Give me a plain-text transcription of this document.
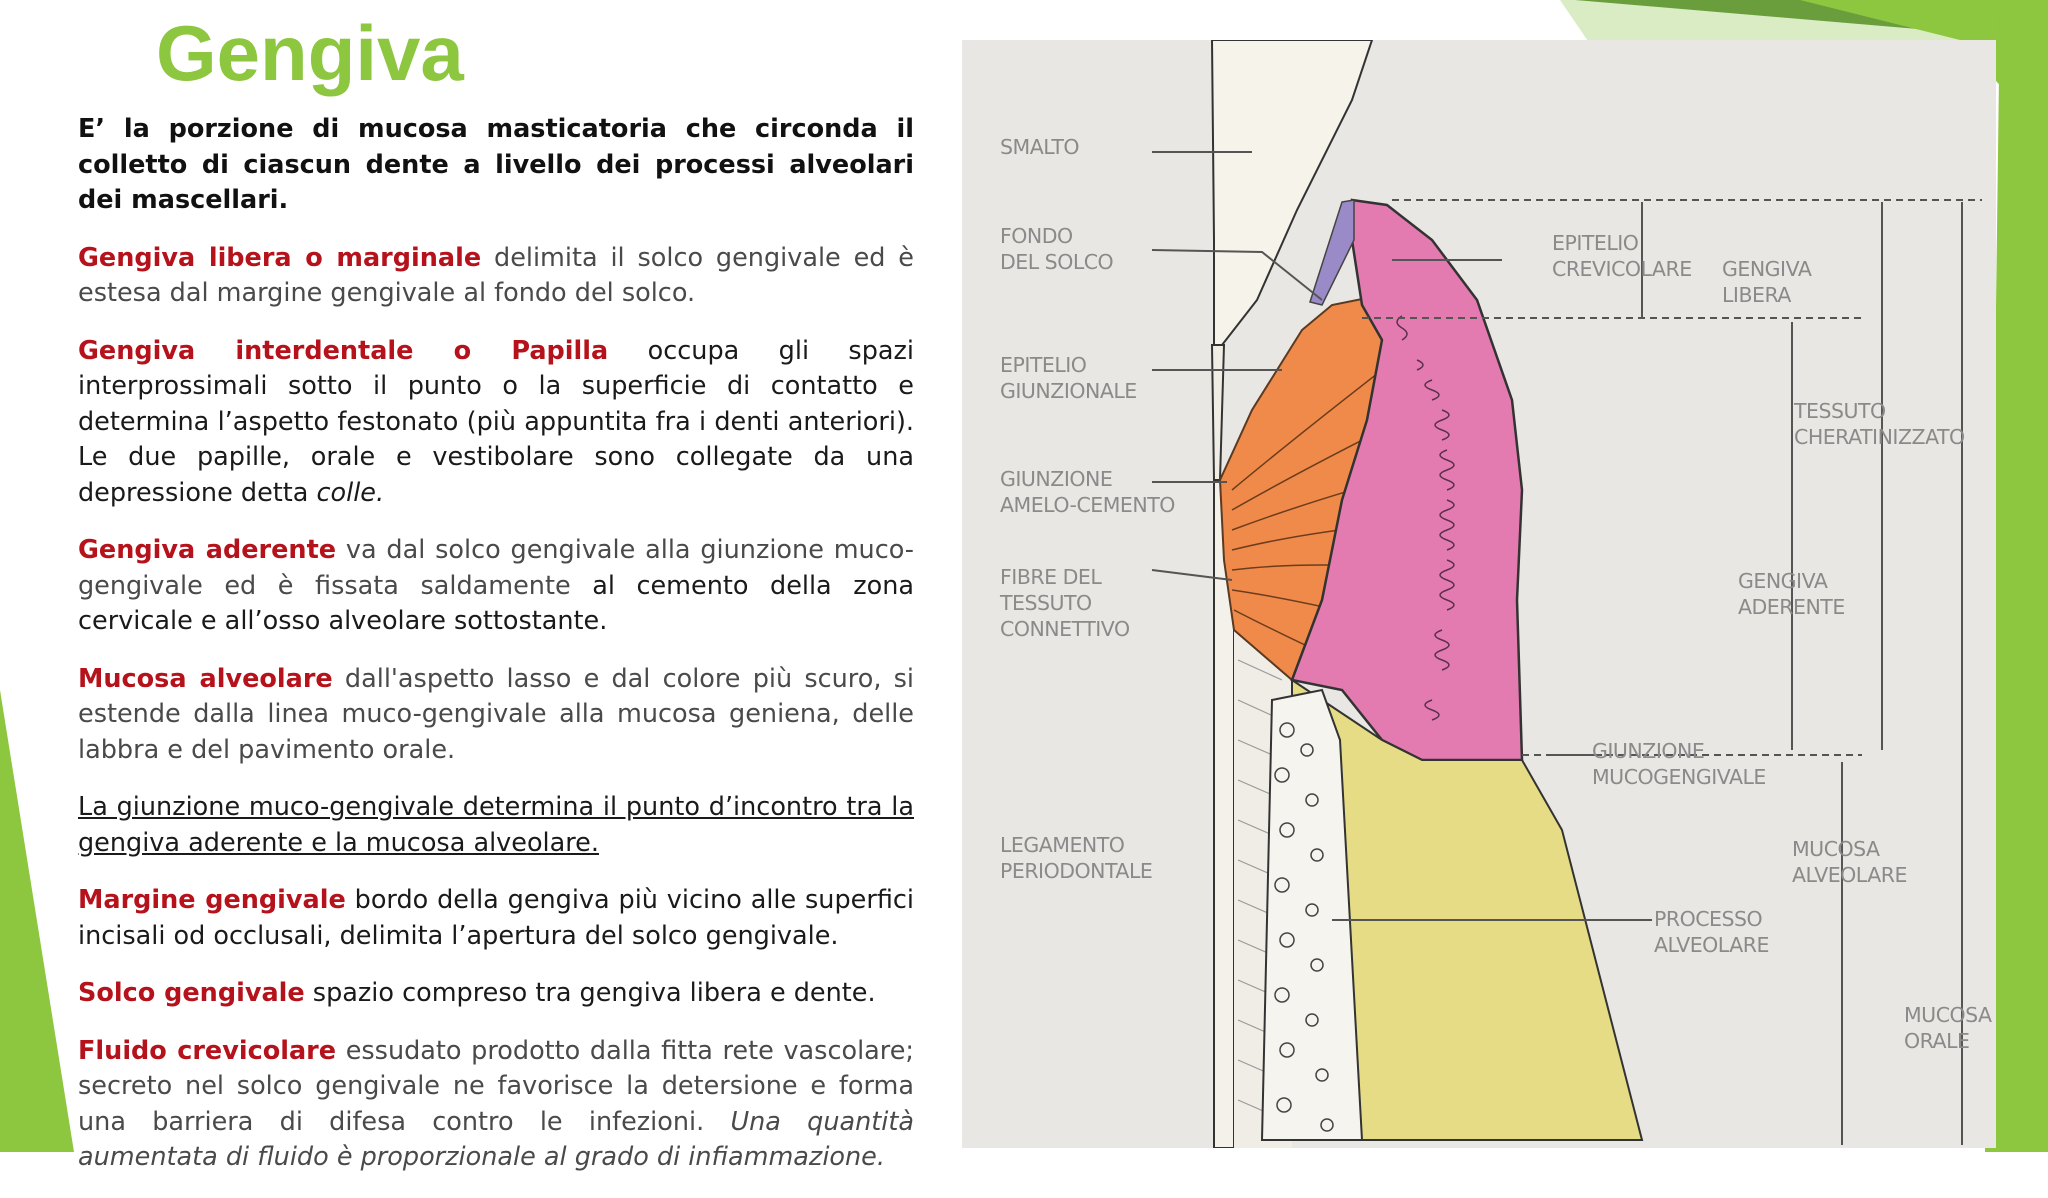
Gengiva

E’ la porzione di mucosa masticatoria che circonda il colletto di ciascun dente a livello dei processi alveolari dei mascellari.

Gengiva libera o marginale delimita il solco gengivale ed è estesa dal margine gengivale al fondo del solco.

Gengiva interdentale o Papilla occupa gli spazi interprossimali sotto il punto o la superficie di contatto e determina l’aspetto festonato (più appuntita fra i denti anteriori). Le due papille, orale e vestibolare sono collegate da una depressione detta colle.

Gengiva aderente va dal solco gengivale alla giunzione muco-gengivale ed è fissata saldamente al cemento della zona cervicale e all’osso alveolare sottostante.

Mucosa alveolare dall'aspetto lasso e dal colore più scuro, si estende dalla linea muco-gengivale alla mucosa geniena, delle labbra e del pavimento orale.

La giunzione muco-gengivale determina il punto d’incontro tra la gengiva aderente e la mucosa alveolare.

Margine gengivale bordo della gengiva più vicino alle superfici incisali od occlusali, delimita l’apertura del solco gengivale.

Solco gengivale spazio compreso tra gengiva libera e dente.

Fluido crevicolare essudato prodotto dalla fitta rete vascolare; secreto nel solco gengivale ne favorisce la detersione e forma una barriera di difesa contro le infezioni. Una quantità aumentata di fluido è proporzionale al grado di infiammazione.

SMALTO
FONDO
DEL SOLCO
EPITELIO
GIUNZIONALE
GIUNZIONE
AMELO-CEMENTO
FIBRE DEL
TESSUTO
CONNETTIVO
LEGAMENTO
PERIODONTALE
EPITELIO
CREVICOLARE GENGIVA
LIBERA
TESSUTO
CHERATINIZZATO
GENGIVA
ADERENTE
GIUNZIONE
MUCOGENGIVALE
MUCOSA
ALVEOLARE
PROCESSO
ALVEOLARE
MUCOSA
ORALE
